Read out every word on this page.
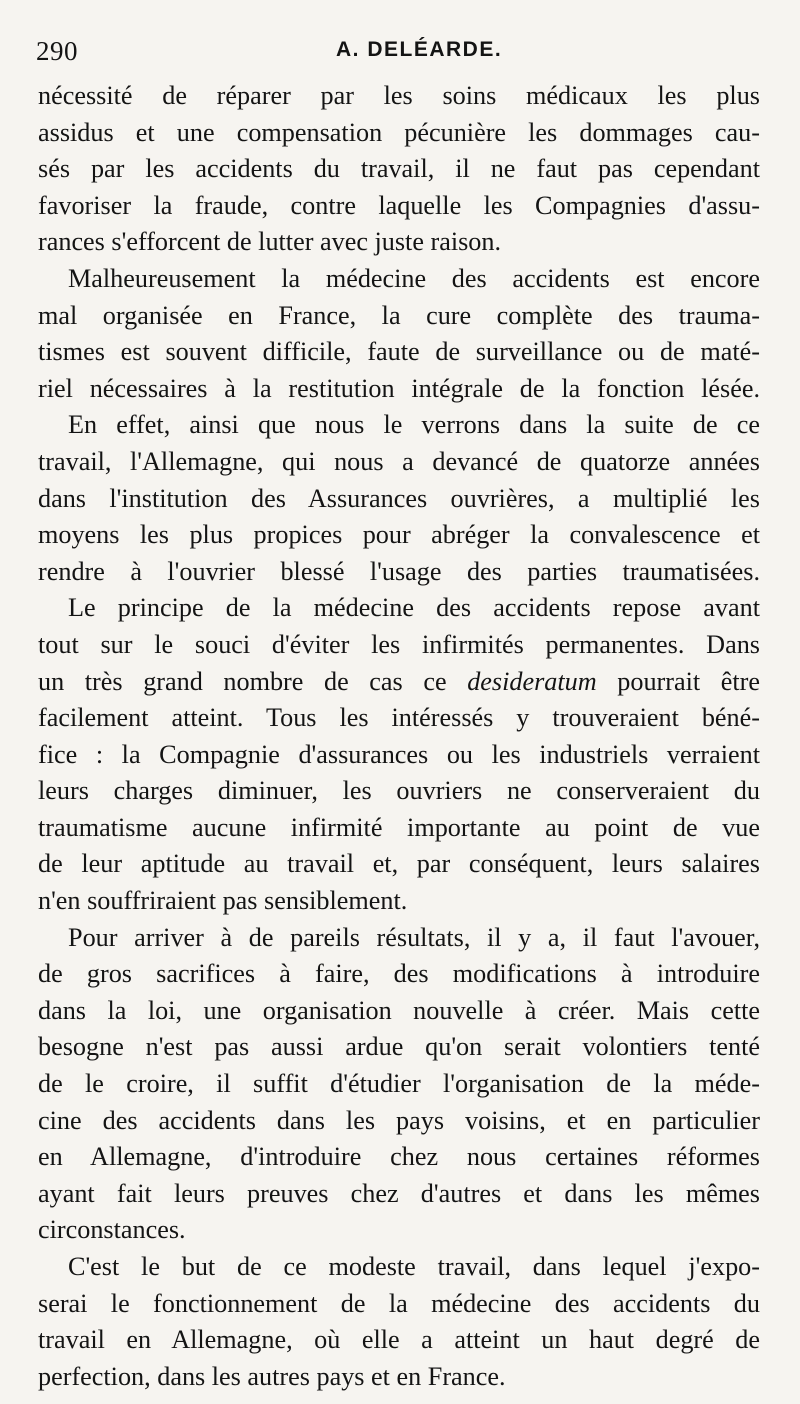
290	A. DELÉARDE.
nécessité de réparer par les soins médicaux les plus
assidus et une compensation pécunière les dommages cau-
sés par les accidents du travail, il ne faut pas cependant
favoriser la fraude, contre laquelle les Compagnies d'assu-
rances s'efforcent de lutter avec juste raison.
Malheureusement la médecine des accidents est encore
mal organisée en France, la cure complète des trauma-
tismes est souvent difficile, faute de surveillance ou de maté-
riel nécessaires à la restitution intégrale de la fonction lésée.
En effet, ainsi que nous le verrons dans la suite de ce
travail, l'Allemagne, qui nous a devancé de quatorze années
dans l'institution des Assurances ouvrières, a multiplié les
moyens les plus propices pour abréger la convalescence et
rendre à l'ouvrier blessé l'usage des parties traumatisées.
Le principe de la médecine des accidents repose avant
tout sur le souci d'éviter les infirmités permanentes. Dans
un très grand nombre de cas ce desideratum pourrait être
facilement atteint. Tous les intéressés y trouveraient béné-
fice : la Compagnie d'assurances ou les industriels verraient
leurs charges diminuer, les ouvriers ne conserveraient du
traumatisme aucune infirmité importante au point de vue
de leur aptitude au travail et, par conséquent, leurs salaires
n'en souffriraient pas sensiblement.
Pour arriver à de pareils résultats, il y a, il faut l'avouer,
de gros sacrifices à faire, des modifications à introduire
dans la loi, une organisation nouvelle à créer. Mais cette
besogne n'est pas aussi ardue qu'on serait volontiers tenté
de le croire, il suffit d'étudier l'organisation de la méde-
cine des accidents dans les pays voisins, et en particulier
en Allemagne, d'introduire chez nous certaines réformes
ayant fait leurs preuves chez d'autres et dans les mêmes
circonstances.
C'est le but de ce modeste travail, dans lequel j'expo-
serai le fonctionnement de la médecine des accidents du
travail en Allemagne, où elle a atteint un haut degré de
perfection, dans les autres pays et en France.
